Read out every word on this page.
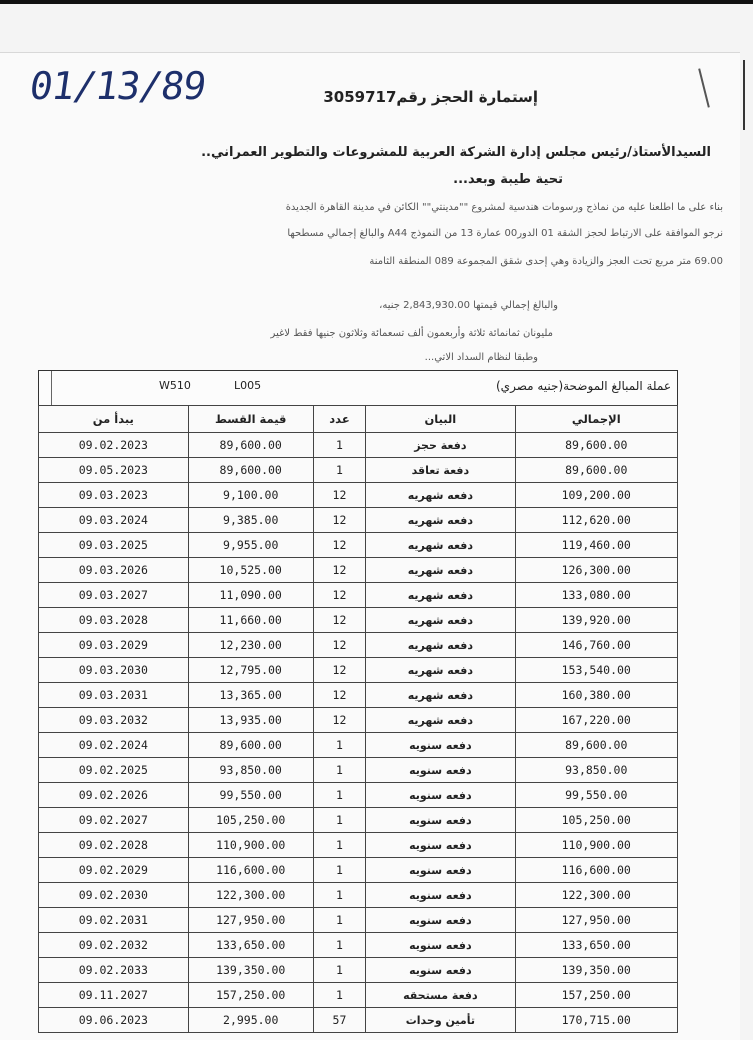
01/13/89	إستمارة الحجز رقم3059717
السيدالأستاذ/رئيس مجلس إدارة الشركة العربية للمشروعات والتطوير العمراني..
تحية طيبة وبعد...
بناء على ما اطلعنا عليه من نماذج ورسومات هندسية لمشروع ""مدينتي"" الكائن في مدينة القاهرة الجديدة
نرجو الموافقة على الارتباط لحجز الشقة 01 الدور00 عمارة 13 من النموذج A44 والبالغ إجمالي مسطحها
69.00 متر مربع تحت العجز والزيادة وهي إحدى شقق المجموعة 089 المنطقة الثامنة
والبالغ إجمالي قيمتها 2,843,930.00 جنيه،
مليونان ثمانمائة ثلاثة وأربعمون ألف تسعمائة وثلاثون جنيها فقط لاغير
وطبقا لنظام السداد الاتي...
W510	L005	عملة المبالغ الموضحة(جنيه مصري)
يبدأ من	قيمة القسط	عدد	البيان	الإجمالي
09.02.2023	89,600.00	1	دفعة حجز	89,600.00
09.05.2023	89,600.00	1	دفعة تعاقد	89,600.00
09.03.2023	9,100.00	12	دفعه شهريه	109,200.00
09.03.2024	9,385.00	12	دفعه شهريه	112,620.00
09.03.2025	9,955.00	12	دفعه شهريه	119,460.00
09.03.2026	10,525.00	12	دفعه شهريه	126,300.00
09.03.2027	11,090.00	12	دفعه شهريه	133,080.00
09.03.2028	11,660.00	12	دفعه شهريه	139,920.00
09.03.2029	12,230.00	12	دفعه شهريه	146,760.00
09.03.2030	12,795.00	12	دفعه شهريه	153,540.00
09.03.2031	13,365.00	12	دفعه شهريه	160,380.00
09.03.2032	13,935.00	12	دفعه شهريه	167,220.00
09.02.2024	89,600.00	1	دفعه سنويه	89,600.00
09.02.2025	93,850.00	1	دفعه سنويه	93,850.00
09.02.2026	99,550.00	1	دفعه سنويه	99,550.00
09.02.2027	105,250.00	1	دفعه سنويه	105,250.00
09.02.2028	110,900.00	1	دفعه سنويه	110,900.00
09.02.2029	116,600.00	1	دفعه سنويه	116,600.00
09.02.2030	122,300.00	1	دفعه سنويه	122,300.00
09.02.2031	127,950.00	1	دفعه سنويه	127,950.00
09.02.2032	133,650.00	1	دفعه سنويه	133,650.00
09.02.2033	139,350.00	1	دفعه سنويه	139,350.00
09.11.2027	157,250.00	1	دفعة مستحقه	157,250.00
09.06.2023	2,995.00	57	تأمين وحدات	170,715.00
